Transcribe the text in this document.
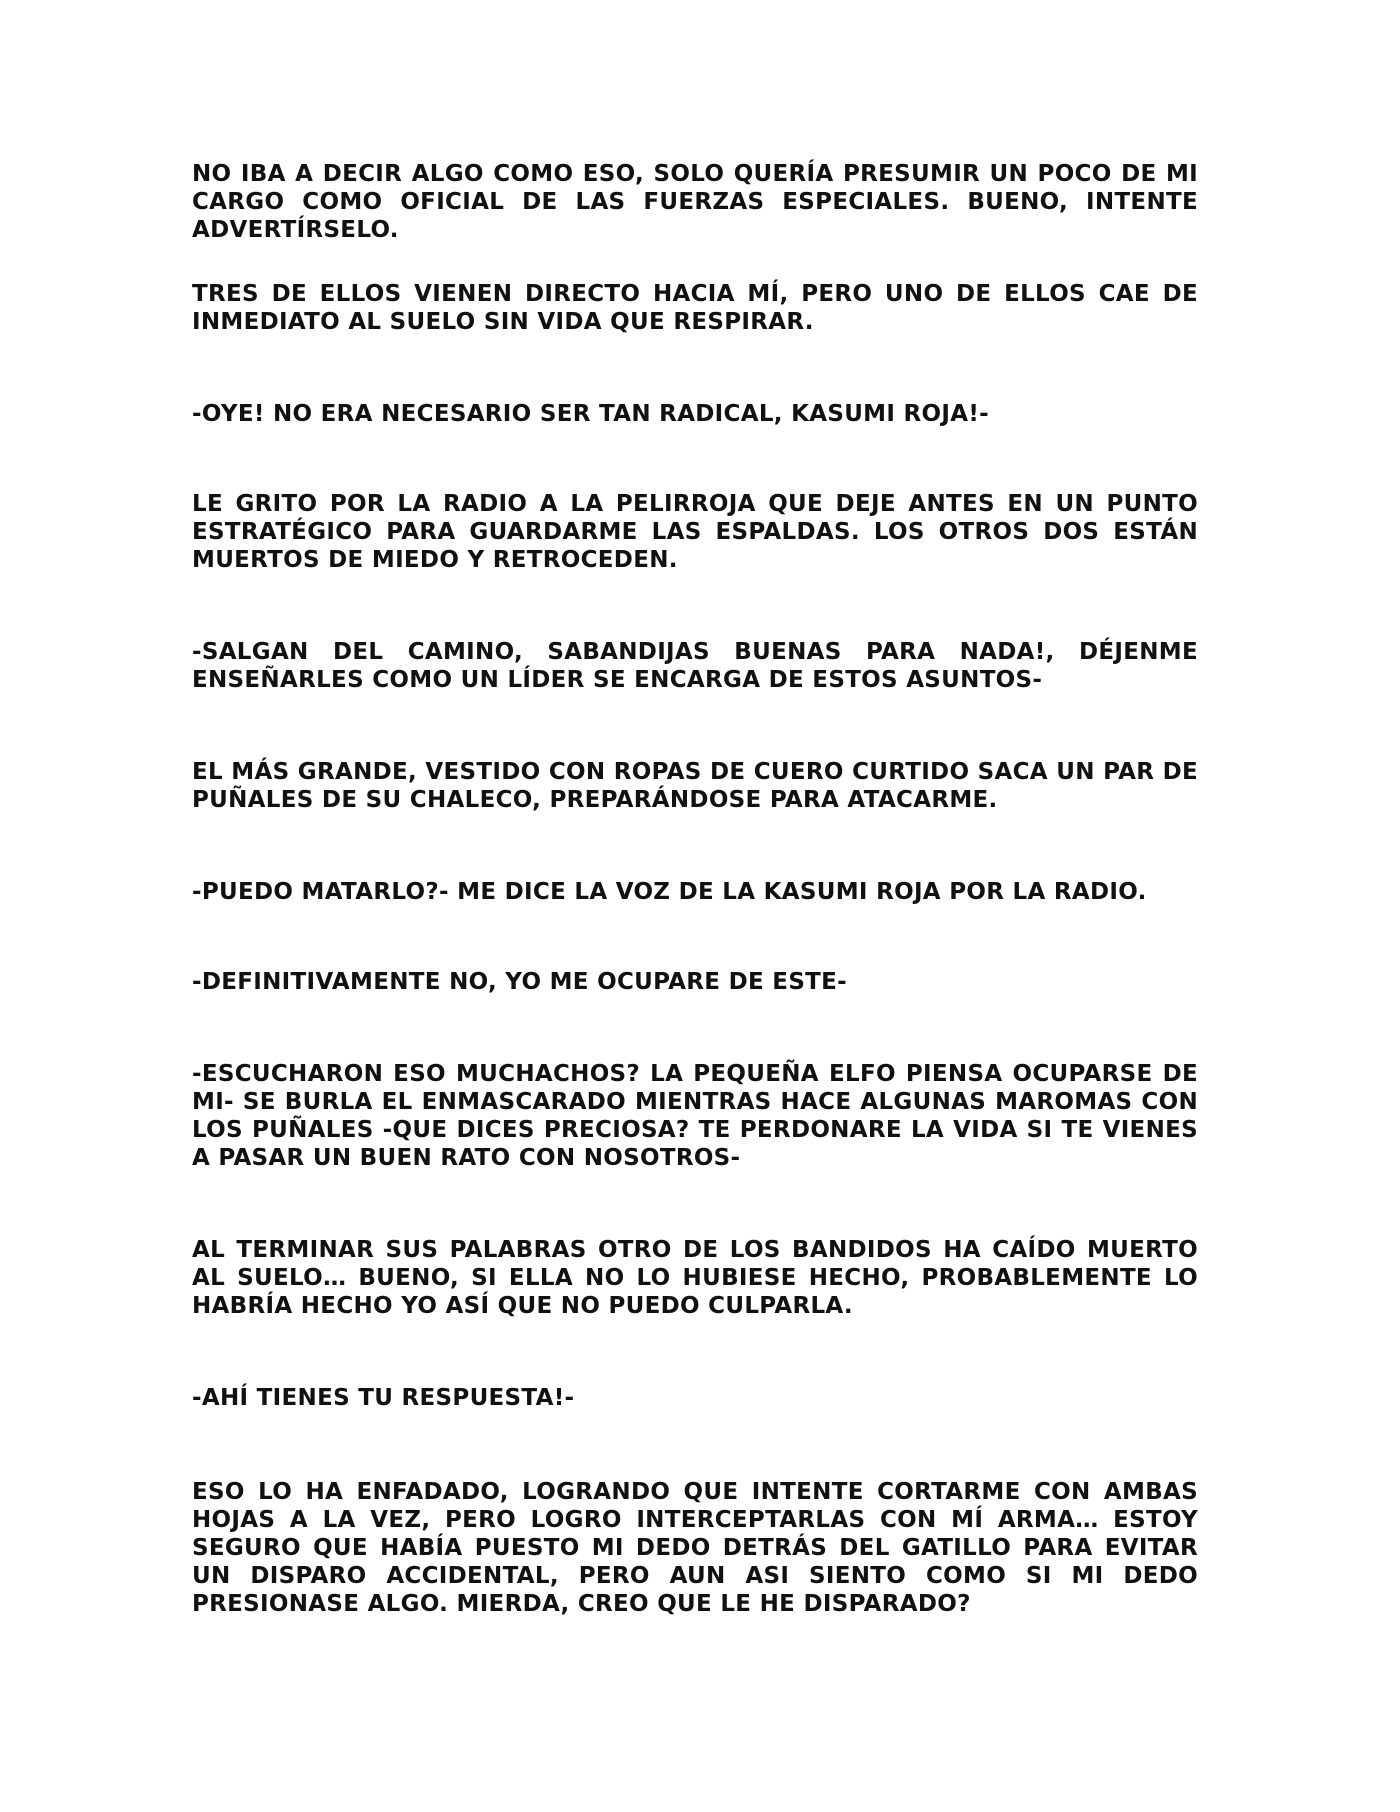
NO IBA A DECIR ALGO COMO ESO, SOLO QUERÍA PRESUMIR UN POCO DE MI CARGO COMO OFICIAL DE LAS FUERZAS ESPECIALES. BUENO, INTENTE ADVERTÍRSELO.

TRES DE ELLOS VIENEN DIRECTO HACIA MÍ, PERO UNO DE ELLOS CAE DE INMEDIATO AL SUELO SIN VIDA QUE RESPIRAR.

-OYE! NO ERA NECESARIO SER TAN RADICAL, KASUMI ROJA!-

LE GRITO POR LA RADIO A LA PELIRROJA QUE DEJE ANTES EN UN PUNTO ESTRATÉGICO PARA GUARDARME LAS ESPALDAS. LOS OTROS DOS ESTÁN MUERTOS DE MIEDO Y RETROCEDEN.

-SALGAN DEL CAMINO, SABANDIJAS BUENAS PARA NADA!, DÉJENME ENSEÑARLES COMO UN LÍDER SE ENCARGA DE ESTOS ASUNTOS-

EL MÁS GRANDE, VESTIDO CON ROPAS DE CUERO CURTIDO SACA UN PAR DE PUÑALES DE SU CHALECO, PREPARÁNDOSE PARA ATACARME.

-PUEDO MATARLO?- ME DICE LA VOZ DE LA KASUMI ROJA POR LA RADIO.

-DEFINITIVAMENTE NO, YO ME OCUPARE DE ESTE-

-ESCUCHARON ESO MUCHACHOS? LA PEQUEÑA ELFO PIENSA OCUPARSE DE MI- SE BURLA EL ENMASCARADO MIENTRAS HACE ALGUNAS MAROMAS CON LOS PUÑALES -QUE DICES PRECIOSA? TE PERDONARE LA VIDA SI TE VIENES A PASAR UN BUEN RATO CON NOSOTROS-

AL TERMINAR SUS PALABRAS OTRO DE LOS BANDIDOS HA CAÍDO MUERTO AL SUELO… BUENO, SI ELLA NO LO HUBIESE HECHO, PROBABLEMENTE LO HABRÍA HECHO YO ASÍ QUE NO PUEDO CULPARLA.

-AHÍ TIENES TU RESPUESTA!-

ESO LO HA ENFADADO, LOGRANDO QUE INTENTE CORTARME CON AMBAS HOJAS A LA VEZ, PERO LOGRO INTERCEPTARLAS CON MÍ ARMA… ESTOY SEGURO QUE HABÍA PUESTO MI DEDO DETRÁS DEL GATILLO PARA EVITAR UN DISPARO ACCIDENTAL, PERO AUN ASI SIENTO COMO SI MI DEDO PRESIONASE ALGO. MIERDA, CREO QUE LE HE DISPARADO?
